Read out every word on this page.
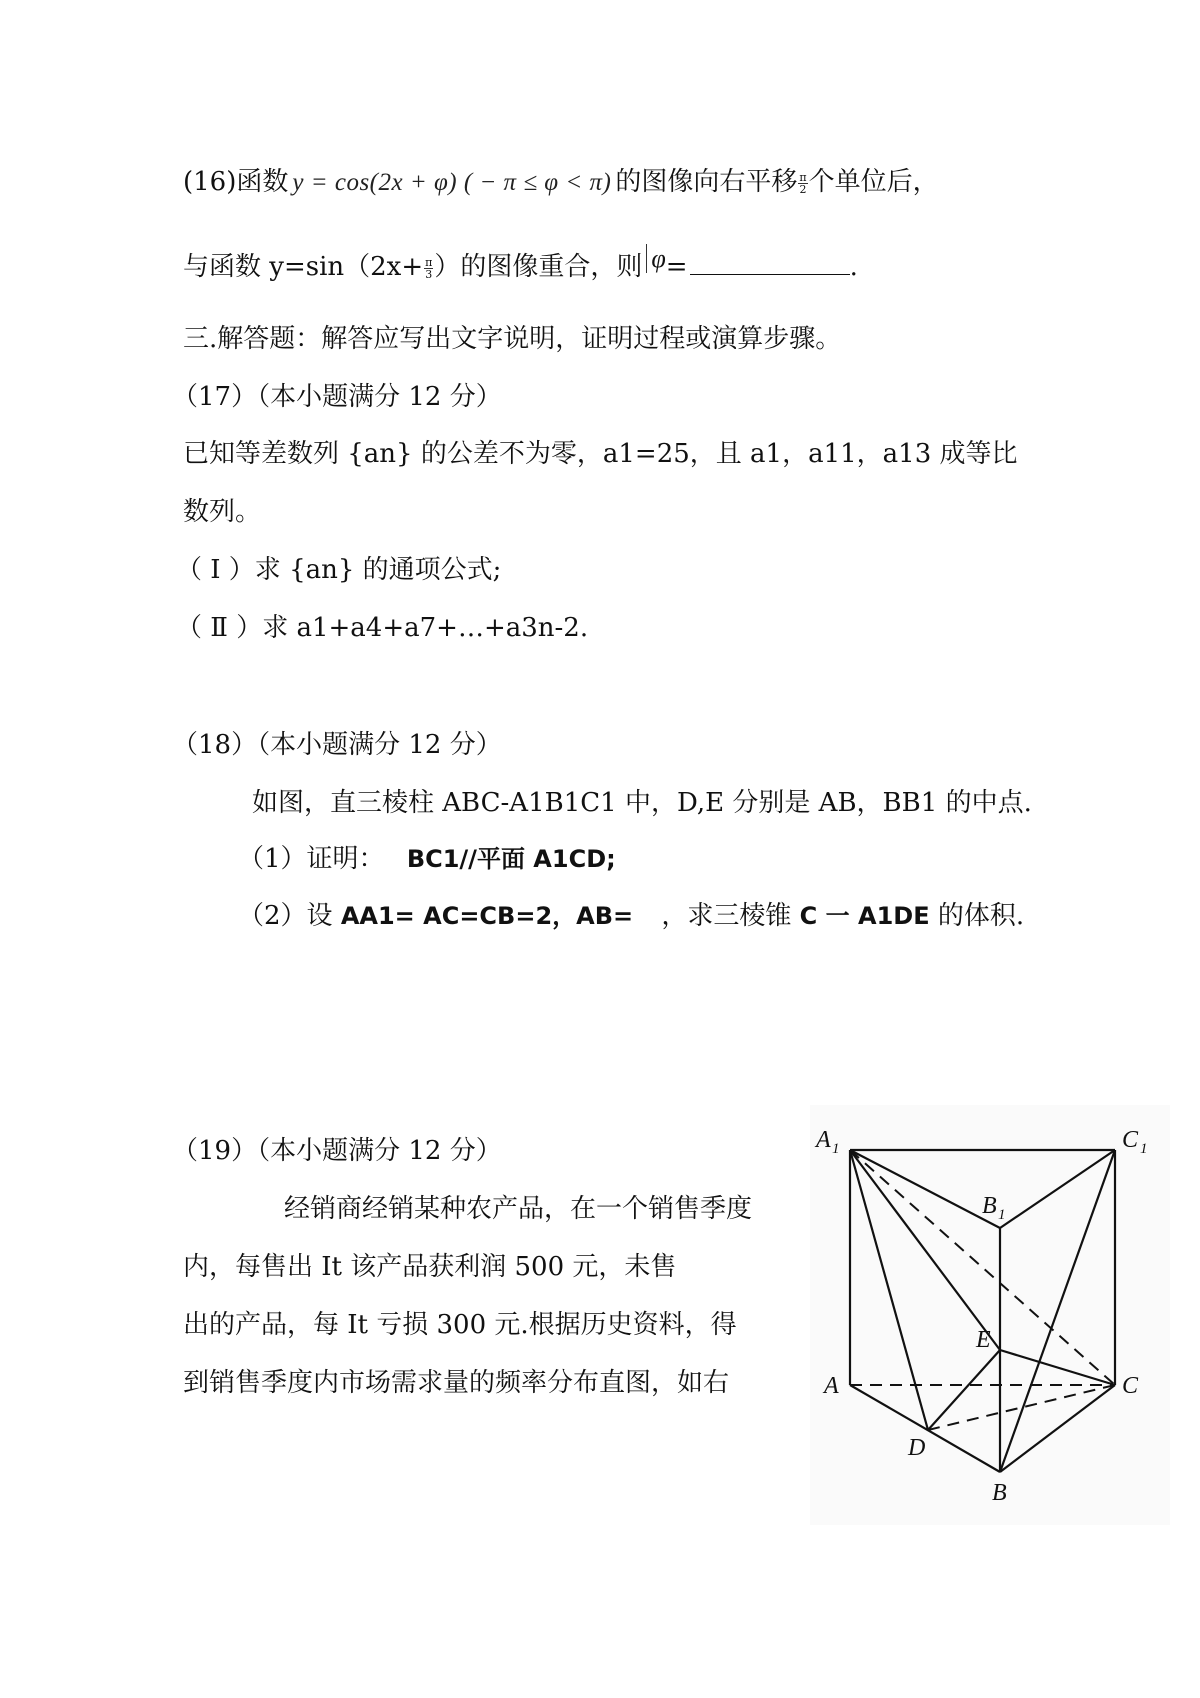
(16)函数 y = cos(2x + φ) ( − π ≤ φ < π) 的图像向右平移 $\frac{\pi}{2}$ 个单位后，
与函数 $y=\sin(2x+ \frac{\pi}{3}$ ）的图像重合，则 φ=	.
三.解答题：解答应写出文字说明，证明过程或演算步骤。
（17）（本小题满分 12 分）
已知等差数列 {an} 的公差不为零，a1=25，且 a1，a11，a13 成等比
数列。
（ Ⅰ ）求 {an} 的通项公式;
（ Ⅱ ）求 a1+a4+a7+…+a3n-2.
（18）（本小题满分 12 分）
如图，直三棱柱 ABC-A1B1C1 中，D,E 分别是 AB，BB1 的中点.
（1）证明： BC1//平面 A1CD;
（2）设 AA1= AC=CB=2，AB= ，求三棱锥 C 一 A1DE 的体积.
（19）（本小题满分 12 分）
经销商经销某种农产品，在一个销售季度
内，每售出 It 该产品获利润 500 元，未售
出的产品，每 It 亏损 300 元.根据历史资料，得
到销售季度内市场需求量的频率分布直图，如右
A 1	C 1
B 1
E
A	C
D
B
